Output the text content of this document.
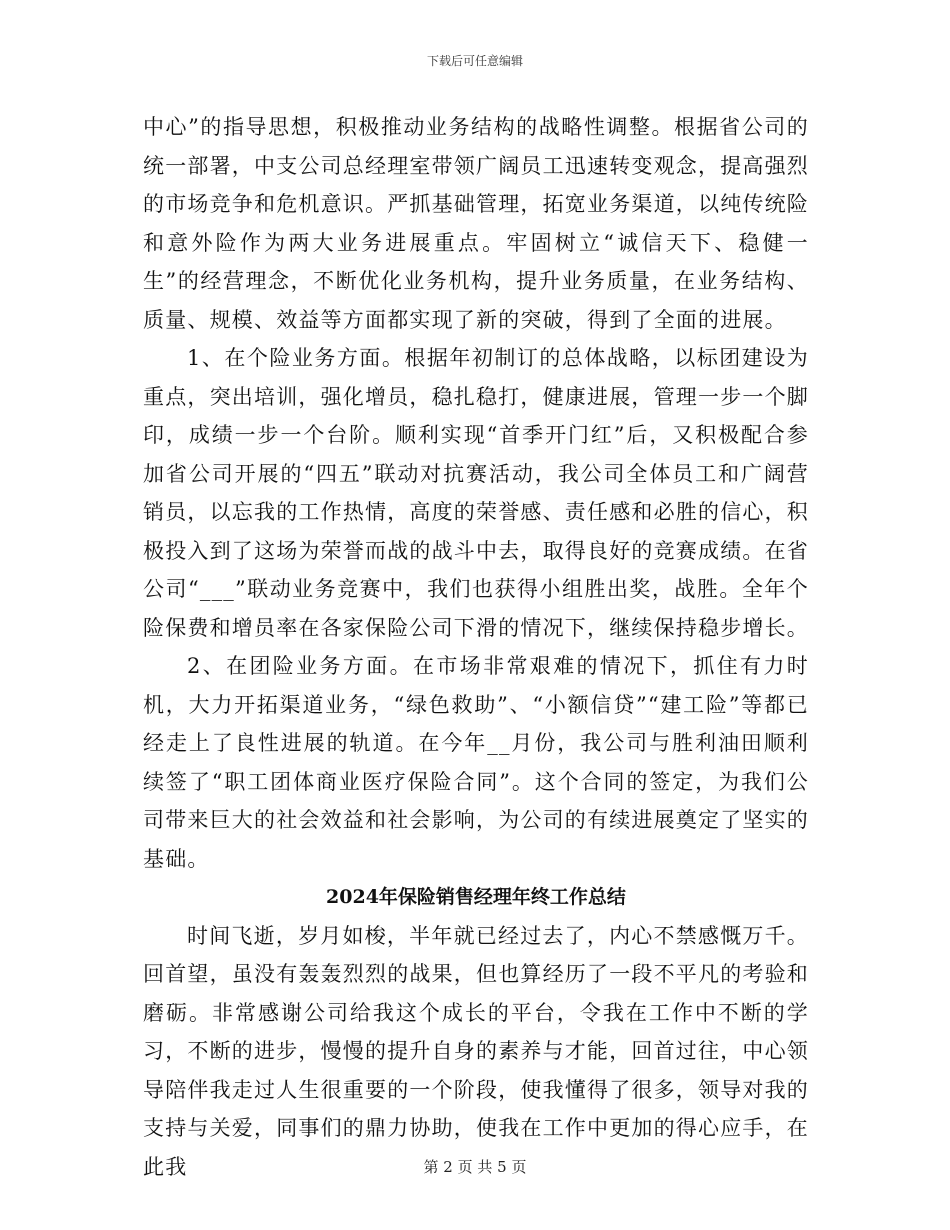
下载后可任意编辑

中心”的指导思想，积极推动业务结构的战略性调整。根据省公司的统一部署，中支公司总经理室带领广阔员工迅速转变观念，提高强烈的市场竞争和危机意识。严抓基础管理，拓宽业务渠道，以纯传统险和意外险作为两大业务进展重点。牢固树立“诚信天下、稳健一生”的经营理念，不断优化业务机构，提升业务质量，在业务结构、质量、规模、效益等方面都实现了新的突破，得到了全面的进展。

1、在个险业务方面。根据年初制订的总体战略，以标团建设为重点，突出培训，强化增员，稳扎稳打，健康进展，管理一步一个脚印，成绩一步一个台阶。顺利实现“首季开门红”后，又积极配合参加省公司开展的“四五”联动对抗赛活动，我公司全体员工和广阔营销员，以忘我的工作热情，高度的荣誉感、责任感和必胜的信心，积极投入到了这场为荣誉而战的战斗中去，取得良好的竞赛成绩。在省公司“___”联动业务竞赛中，我们也获得小组胜出奖，战胜。全年个险保费和增员率在各家保险公司下滑的情况下，继续保持稳步增长。

2、在团险业务方面。在市场非常艰难的情况下，抓住有力时机，大力开拓渠道业务，“绿色救助”、“小额信贷”“建工险”等都已经走上了良性进展的轨道。在今年__月份，我公司与胜利油田顺利续签了“职工团体商业医疗保险合同”。这个合同的签定，为我们公司带来巨大的社会效益和社会影响，为公司的有续进展奠定了坚实的基础。

2024年保险销售经理年终工作总结

时间飞逝，岁月如梭，半年就已经过去了，内心不禁感慨万千。回首望，虽没有轰轰烈烈的战果，但也算经历了一段不平凡的考验和磨砺。非常感谢公司给我这个成长的平台，令我在工作中不断的学习，不断的进步，慢慢的提升自身的素养与才能，回首过往，中心领导陪伴我走过人生很重要的一个阶段，使我懂得了很多，领导对我的支持与关爱，同事们的鼎力协助，使我在工作中更加的得心应手，在此我	第 2 页 共 5 页
